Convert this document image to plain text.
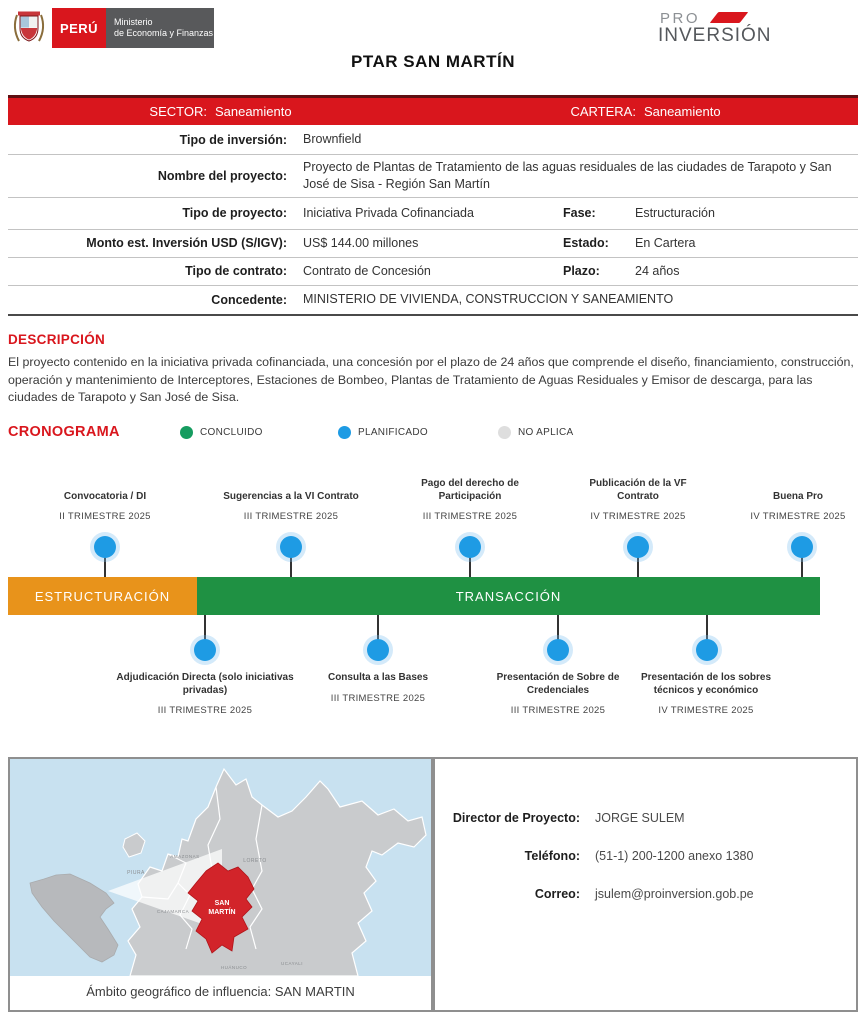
PERÚ	Ministerio
de Economía y Finanzas
PRO
INVERSIÓN
PTAR SAN MARTÍN
SECTOR: Saneamiento	CARTERA: Saneamiento
Tipo de inversión:	Brownfield
Nombre del proyecto:
Proyecto de Plantas de Tratamiento de las aguas residuales de las ciudades de Tarapoto y San José de Sisa - Región San Martín
Tipo de proyecto:	Iniciativa Privada Cofinanciada	Fase:	Estructuración
Monto est. Inversión USD (S/IGV):	US$ 144.00 millones	Estado:	En Cartera
Tipo de contrato:	Contrato de Concesión	Plazo:	24 años
Concedente:	MINISTERIO DE VIVIENDA, CONSTRUCCION Y SANEAMIENTO
DESCRIPCIÓN
El proyecto contenido en la iniciativa privada cofinanciada, una concesión por el plazo de 24 años que comprende el diseño, financiamiento, construcción, operación y mantenimiento de Interceptores, Estaciones de Bombeo, Plantas de Tratamiento de Aguas Residuales y Emisor de descarga, para las ciudades de Tarapoto y San José de Sisa.
CRONOGRAMA	CONCLUIDO	PLANIFICADO	NO APLICA
Convocatoria / DI
II TRIMESTRE 2025
Sugerencias a la VI Contrato
III TRIMESTRE 2025
Pago del derecho de Participación
III TRIMESTRE 2025
Publicación de la VF Contrato
IV TRIMESTRE 2025
Buena Pro
IV TRIMESTRE 2025
ESTRUCTURACIÓN	TRANSACCIÓN
Adjudicación Directa (solo iniciativas privadas)
III TRIMESTRE 2025
Consulta a las Bases
III TRIMESTRE 2025
Presentación de Sobre de Credenciales
III TRIMESTRE 2025
Presentación de los sobres técnicos y económico
IV TRIMESTRE 2025
PIURA
AMAZONAS
LORETO
CAJAMARCA
HUÁNUCO
UCAYALI
SAN
MARTÍN
Ámbito geográfico de influencia: SAN MARTIN
Director de Proyecto:	JORGE SULEM
Teléfono:	(51-1) 200-1200 anexo 1380
Correo:	jsulem@proinversion.gob.pe
